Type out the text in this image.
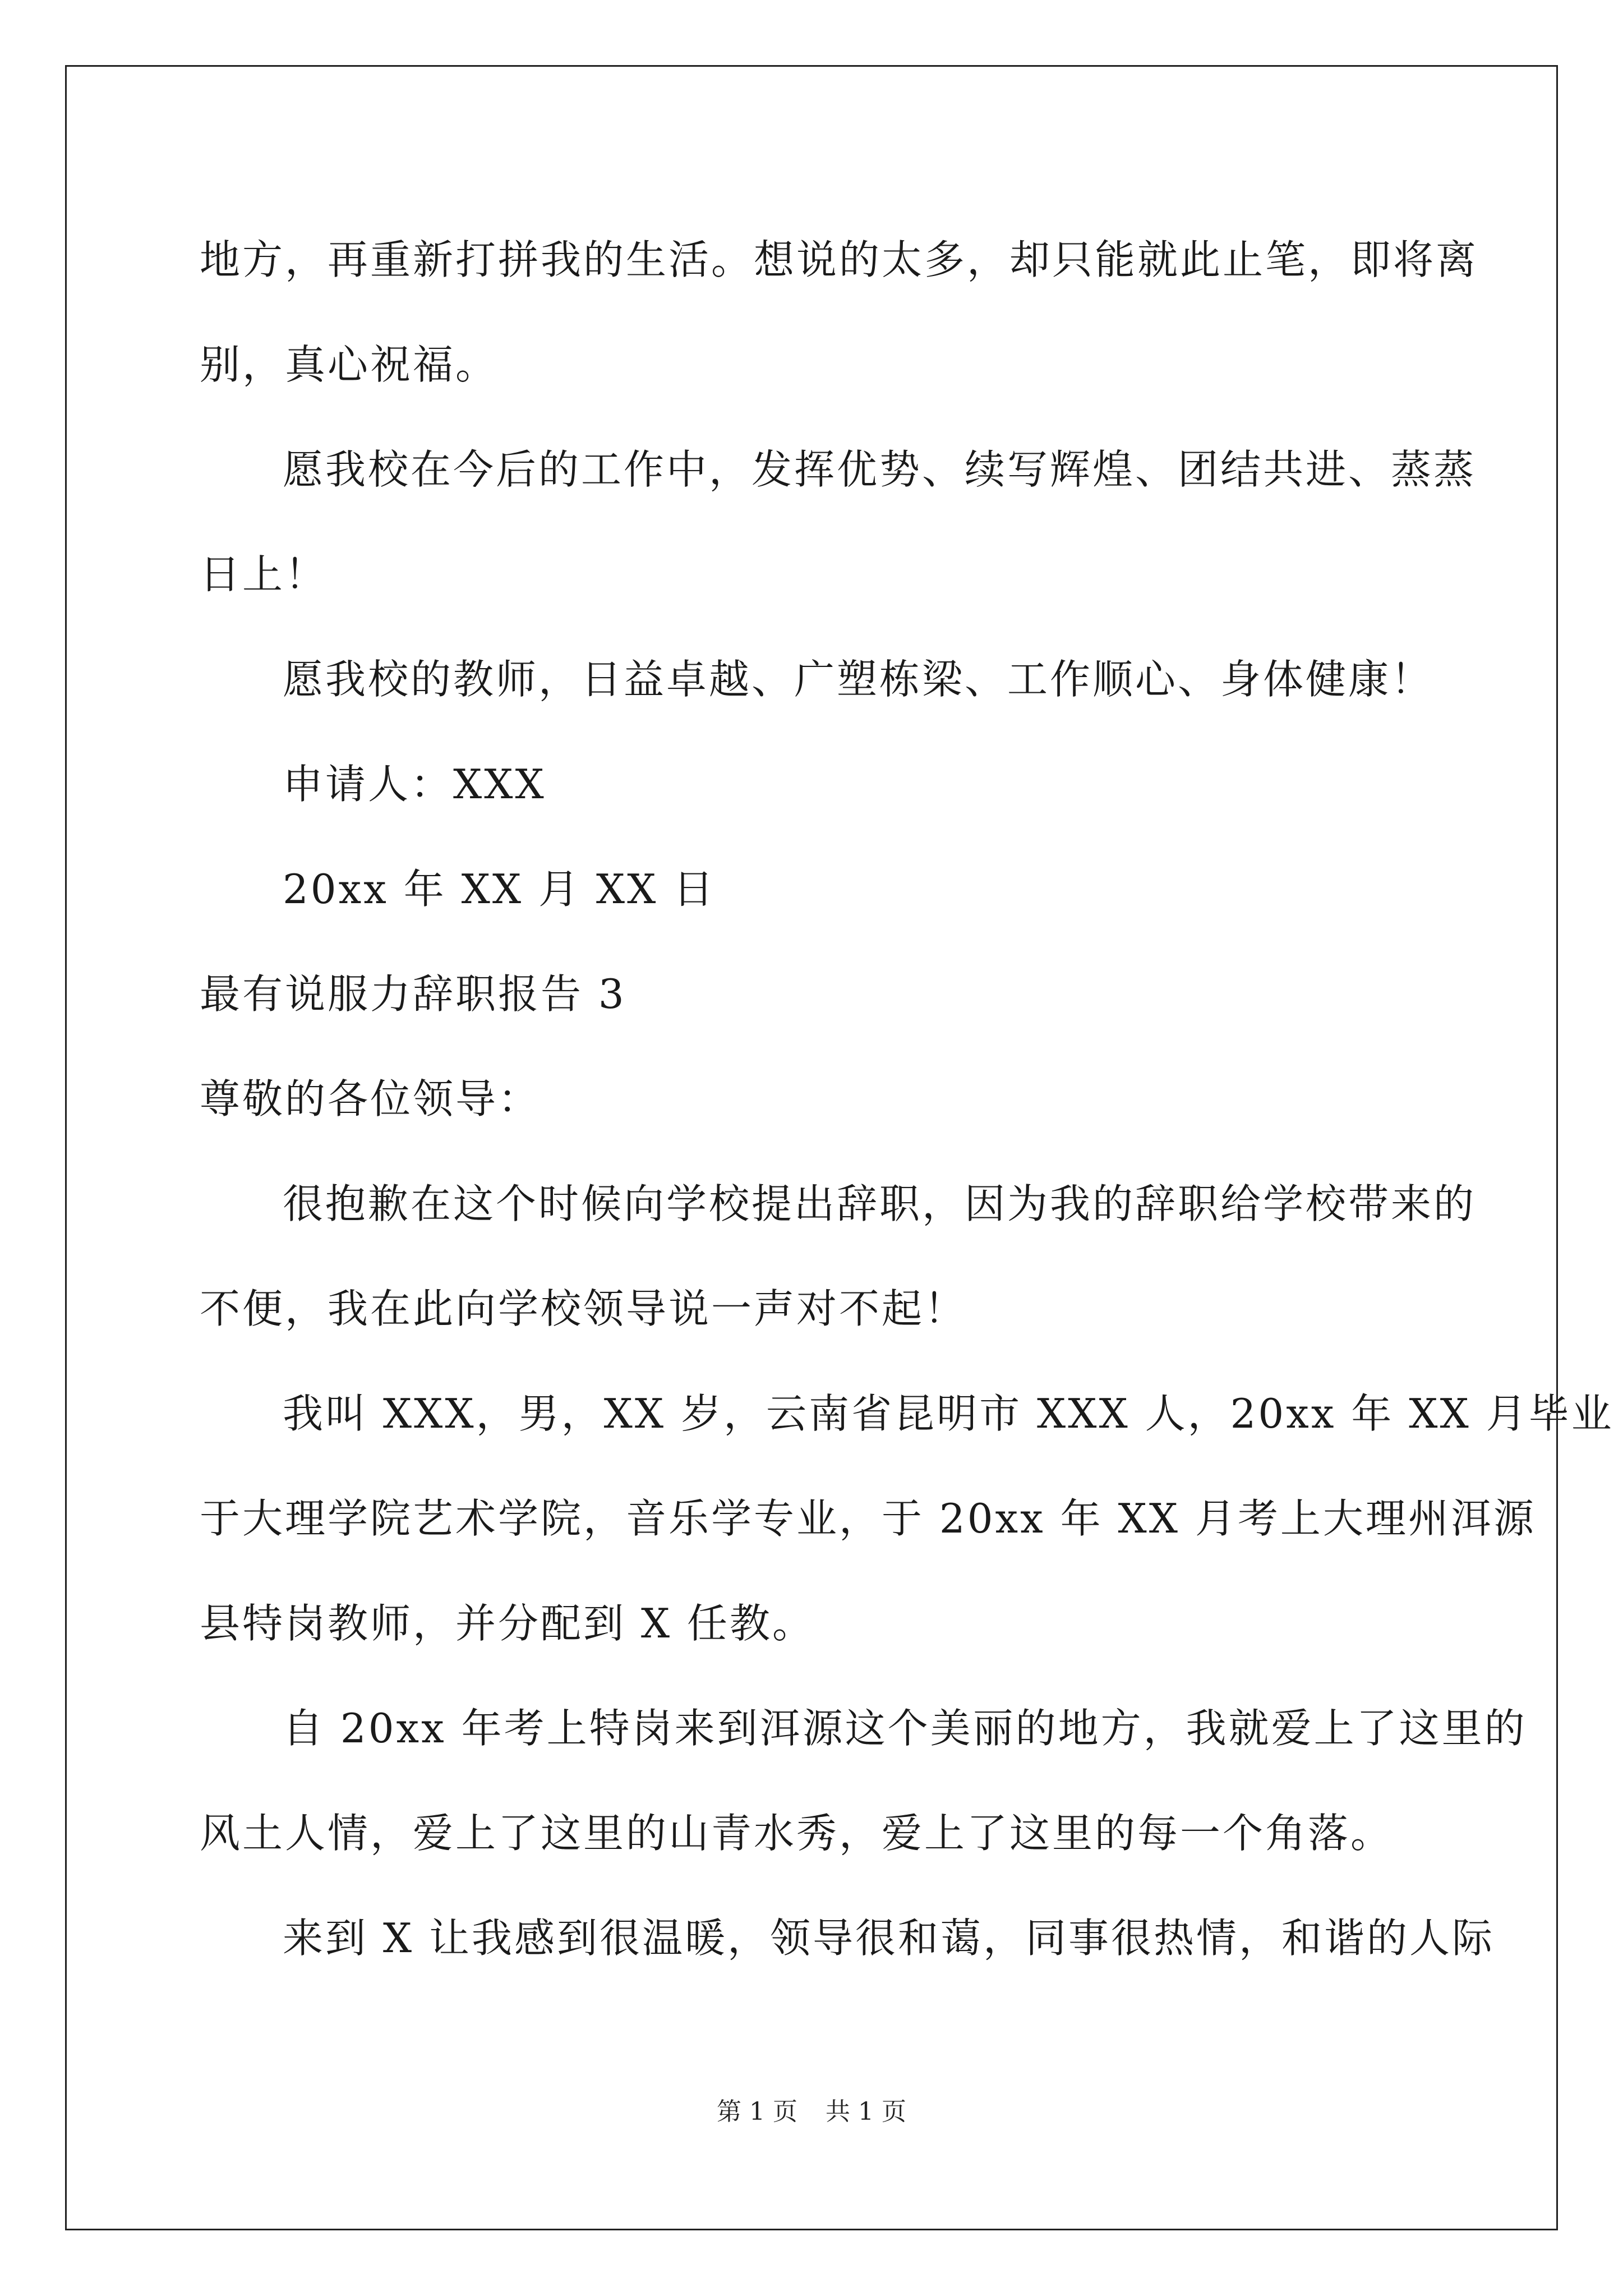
地方，再重新打拼我的生活。想说的太多，却只能就此止笔，即将离
别，真心祝福。
愿我校在今后的工作中，发挥优势、续写辉煌、团结共进、蒸蒸
日上！
愿我校的教师，日益卓越、广塑栋梁、工作顺心、身体健康！
申请人：XXX
20xx 年 XX 月 XX 日
最有说服力辞职报告 3
尊敬的各位领导：
很抱歉在这个时候向学校提出辞职，因为我的辞职给学校带来的
不便，我在此向学校领导说一声对不起！
我叫 XXX，男，XX 岁，云南省昆明市 XXX 人，20xx 年 XX 月毕业
于大理学院艺术学院，音乐学专业，于 20xx 年 XX 月考上大理州洱源
县特岗教师，并分配到 X 任教。
自 20xx 年考上特岗来到洱源这个美丽的地方，我就爱上了这里的
风土人情，爱上了这里的山青水秀，爱上了这里的每一个角落。
来到 X 让我感到很温暖，领导很和蔼，同事很热情，和谐的人际
第 1 页 共 1 页
